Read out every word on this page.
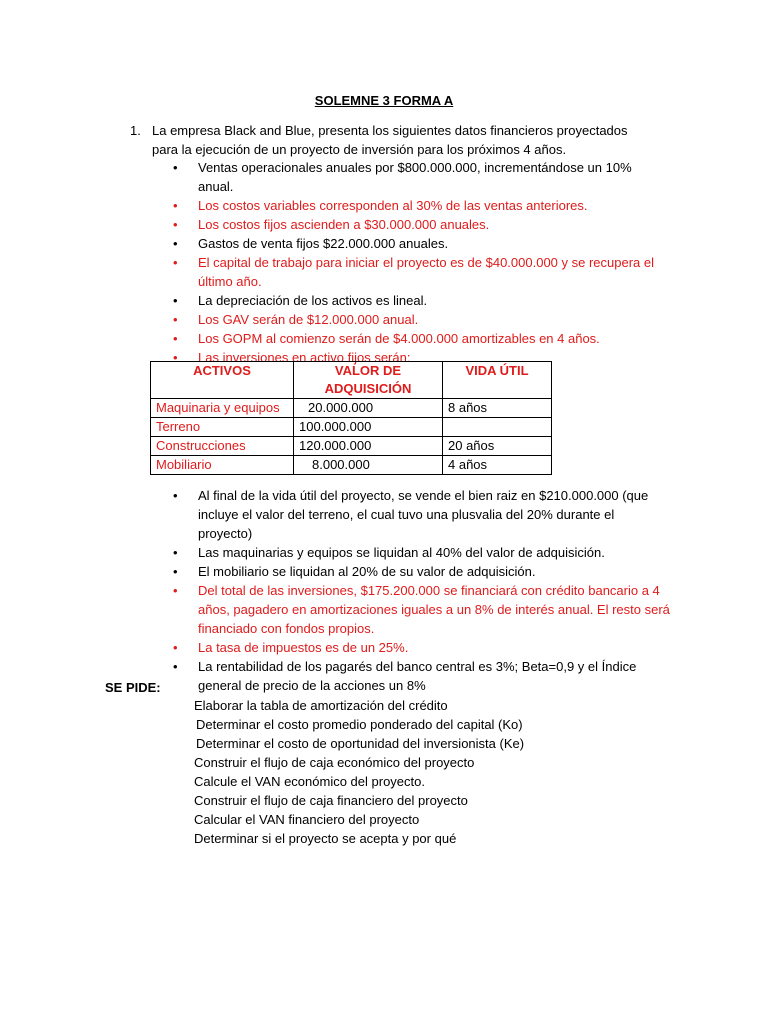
SOLEMNE 3 FORMA A
1. La empresa Black and Blue, presenta los siguientes datos financieros proyectados para la ejecución de un proyecto de inversión para los próximos 4 años.
• Ventas operacionales anuales por $800.000.000, incrementándose un 10% anual.
• Los costos variables corresponden al 30% de las ventas anteriores.
• Los costos fijos ascienden a $30.000.000 anuales.
• Gastos de venta fijos $22.000.000 anuales.
• El capital de trabajo para iniciar el proyecto es de $40.000.000 y se recupera el último año.
• La depreciación de los activos es lineal.
• Los GAV serán de $12.000.000 anual.
• Los GOPM al comienzo serán de $4.000.000 amortizables en 4 años.
• Las inversiones en activo fijos serán:
ACTIVOS	VALOR DE ADQUISICIÓN	VIDA ÚTIL
Maquinaria y equipos	20.000.000	8 años
Terreno	100.000.000	
Construcciones	120.000.000	20 años
Mobiliario	8.000.000	4 años
• Al final de la vida útil del proyecto, se vende el bien raiz en $210.000.000 (que incluye el valor del terreno, el cual tuvo una plusvalia del 20% durante el proyecto)
• Las maquinarias y equipos se liquidan al 40% del valor de adquisición.
• El mobiliario se liquidan al 20% de su valor de adquisición.
• Del total de las inversiones, $175.200.000 se financiará con crédito bancario a 4 años, pagadero en amortizaciones iguales a un 8% de interés anual. El resto será financiado con fondos propios.
• La tasa de impuestos es de un 25%.
• La rentabilidad de los pagarés del banco central es 3%; Beta=0,9 y el Índice general de precio de la acciones un 8%
SE PIDE:
Elaborar la tabla de amortización del crédito
Determinar el costo promedio ponderado del capital (Ko)
Determinar el costo de oportunidad del inversionista (Ke)
Construir el flujo de caja económico del proyecto
Calcule el VAN económico del proyecto.
Construir el flujo de caja financiero del proyecto
Calcular el VAN financiero del proyecto
Determinar si el proyecto se acepta y por qué
